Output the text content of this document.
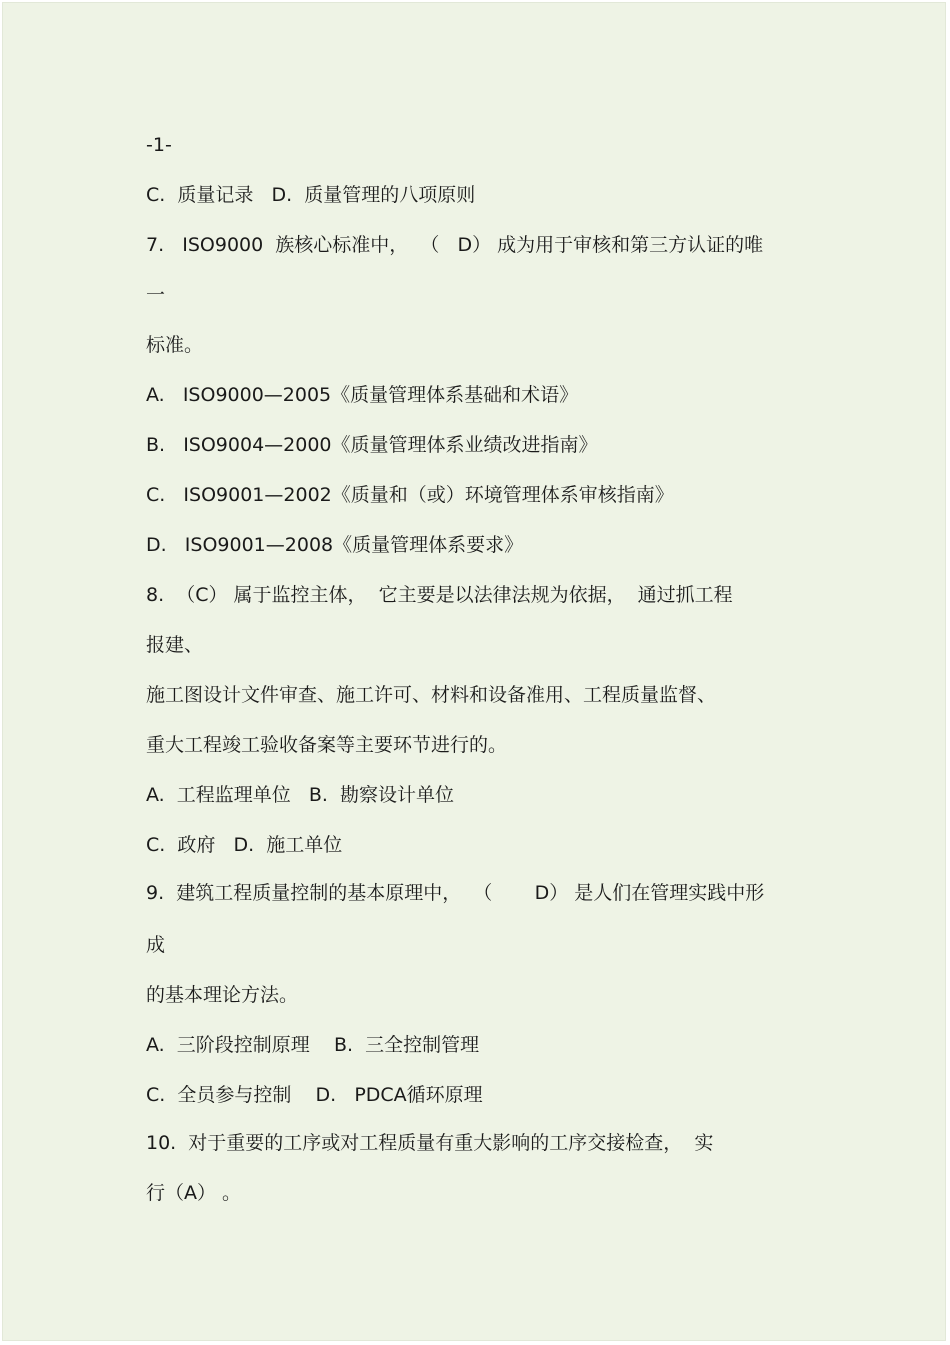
-1-
C.  质量记录   D.  质量管理的八项原则
7.   ISO9000  族核心标准中，  （   D） 成为用于审核和第三方认证的唯
一
标准。
A.   ISO9000—2005《质量管理体系基础和术语》
B.   ISO9004—2000《质量管理体系业绩改进指南》
C.   ISO9001—2002《质量和（或）环境管理体系审核指南》
D.   ISO9001—2008《质量管理体系要求》
8.  （C） 属于监控主体，  它主要是以法律法规为依据，  通过抓工程
报建、
施工图设计文件审查、施工许可、材料和设备准用、工程质量监督、
重大工程竣工验收备案等主要环节进行的。
A.  工程监理单位   B.  勘察设计单位
C.  政府   D.  施工单位
9.  建筑工程质量控制的基本原理中，  （       D） 是人们在管理实践中形
成
的基本理论方法。
A.  三阶段控制原理    B.  三全控制管理
C.  全员参与控制    D.   PDCA循环原理
10.  对于重要的工序或对工程质量有重大影响的工序交接检查，  实
行（A） 。
